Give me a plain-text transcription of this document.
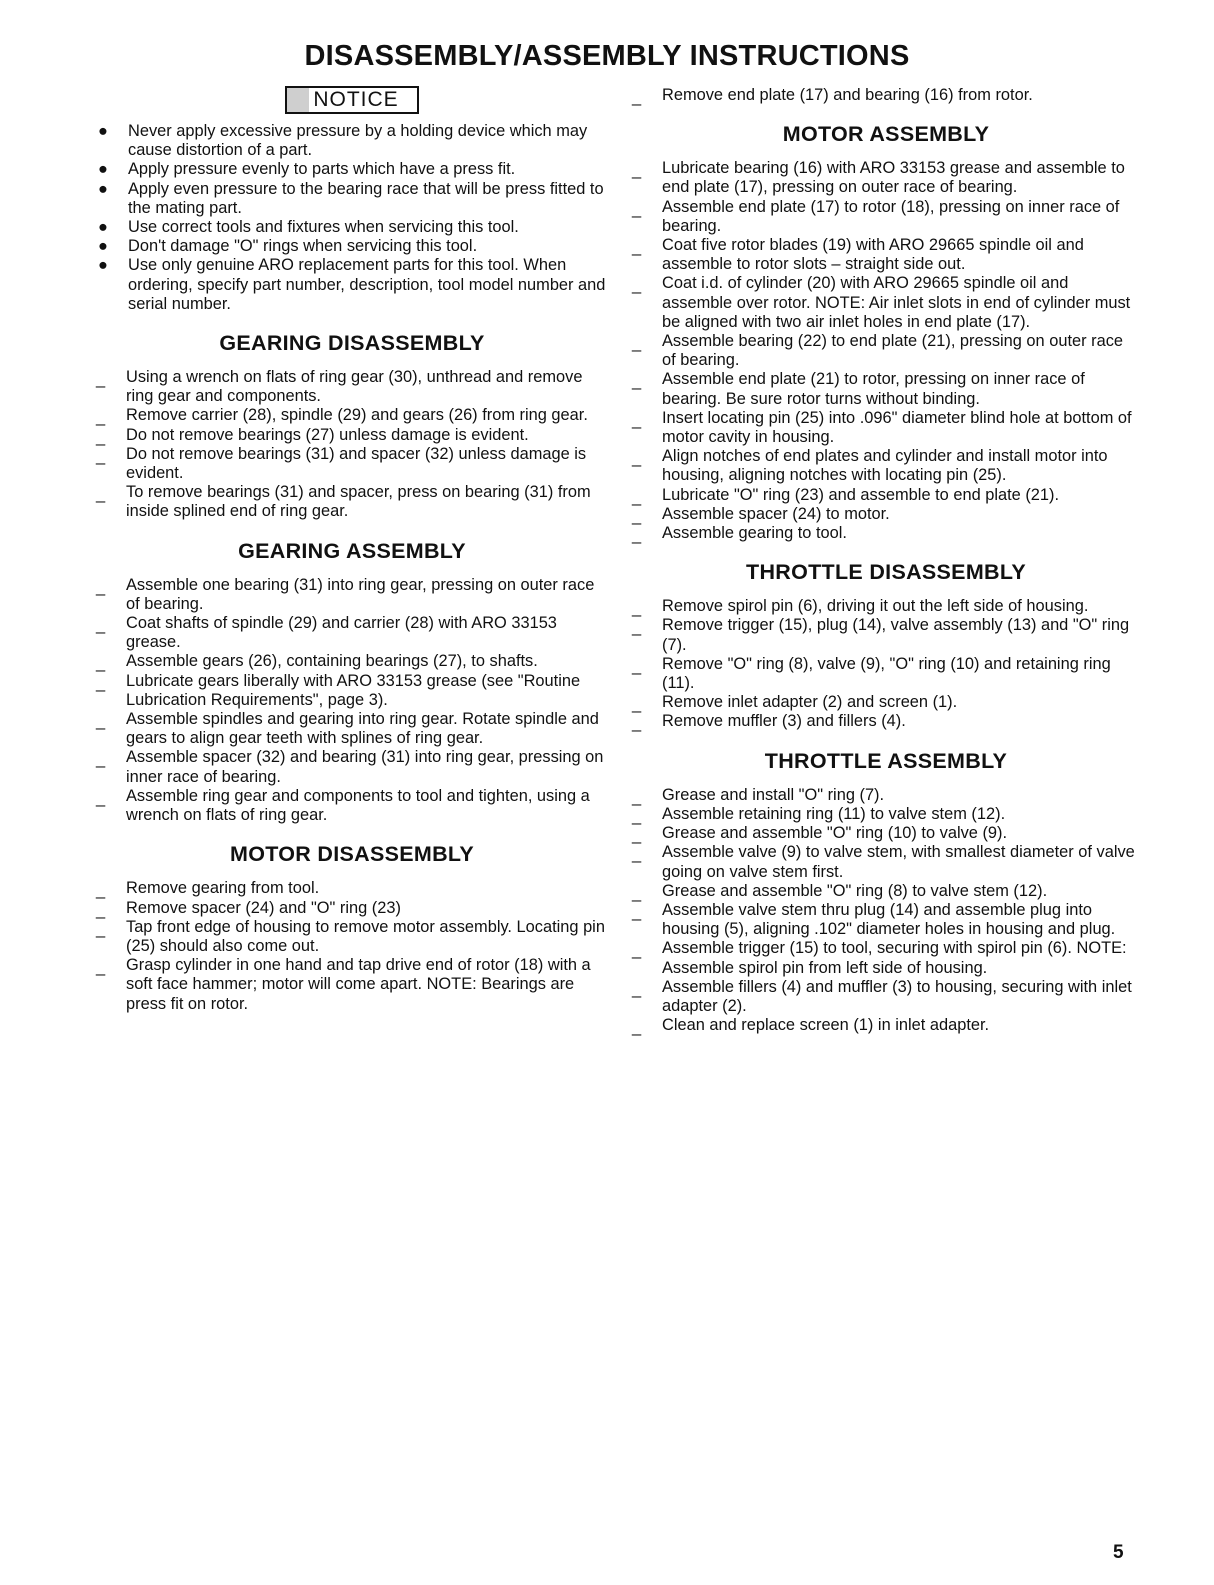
DISASSEMBLY/ASSEMBLY INSTRUCTIONS
NOTICE
● Never apply excessive pressure by a holding device which may cause distortion of a part.
● Apply pressure evenly to parts which have a press fit.
● Apply even pressure to the bearing race that will be press fitted to the mating part.
● Use correct tools and fixtures when servicing this tool.
● Don't damage "O" rings when servicing this tool.
● Use only genuine ARO replacement parts for this tool. When ordering, specify part number, description, tool model number and serial number.
GEARING DISASSEMBLY
_ Using a wrench on flats of ring gear (30), unthread and remove ring gear and components.
_ Remove carrier (28), spindle (29) and gears (26) from ring gear.
_ Do not remove bearings (27) unless damage is evident.
_ Do not remove bearings (31) and spacer (32) unless damage is evident.
_ To remove bearings (31) and spacer, press on bearing (31) from inside splined end of ring gear.
GEARING ASSEMBLY
_ Assemble one bearing (31) into ring gear, pressing on outer race of bearing.
_ Coat shafts of spindle (29) and carrier (28) with ARO 33153 grease.
_ Assemble gears (26), containing bearings (27), to shafts.
_ Lubricate gears liberally with ARO 33153 grease (see "Routine Lubrication Requirements", page 3).
_ Assemble spindles and gearing into ring gear. Rotate spindle and gears to align gear teeth with splines of ring gear.
_ Assemble spacer (32) and bearing (31) into ring gear, pressing on inner race of bearing.
_ Assemble ring gear and components to tool and tighten, using a wrench on flats of ring gear.
MOTOR DISASSEMBLY
_ Remove gearing from tool.
_ Remove spacer (24) and "O" ring (23)
_ Tap front edge of housing to remove motor assembly. Locating pin (25) should also come out.
_ Grasp cylinder in one hand and tap drive end of rotor (18) with a soft face hammer; motor will come apart. NOTE: Bearings are press fit on rotor.
_ Remove end plate (17) and bearing (16) from rotor.
MOTOR ASSEMBLY
_ Lubricate bearing (16) with ARO 33153 grease and assemble to end plate (17), pressing on outer race of bearing.
_ Assemble end plate (17) to rotor (18), pressing on inner race of bearing.
_ Coat five rotor blades (19) with ARO 29665 spindle oil and assemble to rotor slots – straight side out.
_ Coat i.d. of cylinder (20) with ARO 29665 spindle oil and assemble over rotor. NOTE: Air inlet slots in end of cylinder must be aligned with two air inlet holes in end plate (17).
_ Assemble bearing (22) to end plate (21), pressing on outer race of bearing.
_ Assemble end plate (21) to rotor, pressing on inner race of bearing. Be sure rotor turns without binding.
_ Insert locating pin (25) into .096" diameter blind hole at bottom of motor cavity in housing.
_ Align notches of end plates and cylinder and install motor into housing, aligning notches with locating pin (25).
_ Lubricate "O" ring (23) and assemble to end plate (21).
_ Assemble spacer (24) to motor.
_ Assemble gearing to tool.
THROTTLE DISASSEMBLY
_ Remove spirol pin (6), driving it out the left side of housing.
_ Remove trigger (15), plug (14), valve assembly (13) and "O" ring (7).
_ Remove "O" ring (8), valve (9), "O" ring (10) and retaining ring (11).
_ Remove inlet adapter (2) and screen (1).
_ Remove muffler (3) and fillers (4).
THROTTLE ASSEMBLY
_ Grease and install "O" ring (7).
_ Assemble retaining ring (11) to valve stem (12).
_ Grease and assemble "O" ring (10) to valve (9).
_ Assemble valve (9) to valve stem, with smallest diameter of valve going on valve stem first.
_ Grease and assemble "O" ring (8) to valve stem (12).
_ Assemble valve stem thru plug (14) and assemble plug into housing (5), aligning .102" diameter holes in housing and plug.
_ Assemble trigger (15) to tool, securing with spirol pin (6). NOTE: Assemble spirol pin from left side of housing.
_ Assemble fillers (4) and muffler (3) to housing, securing with inlet adapter (2).
_ Clean and replace screen (1) in inlet adapter.
5
